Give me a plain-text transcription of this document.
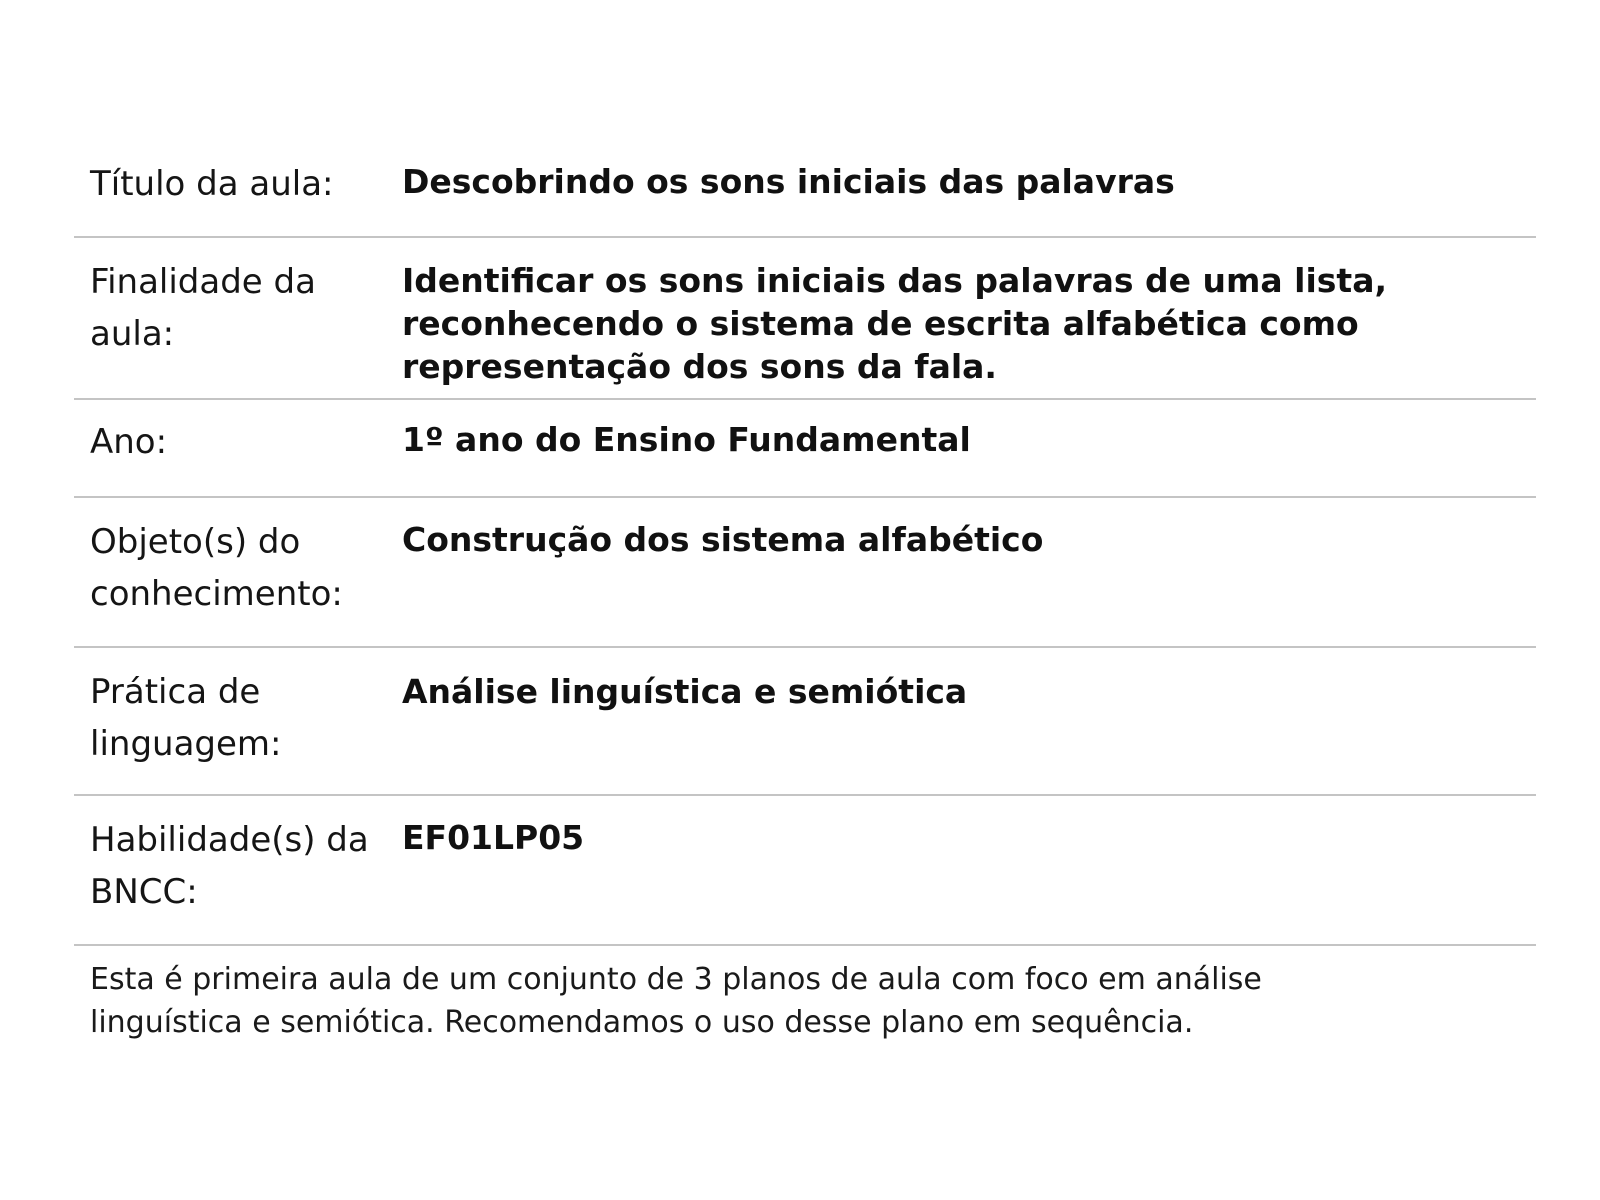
Título da aula:	Descobrindo os sons iniciais das palavras
Finalidade da aula:
Identificar os sons iniciais das palavras de uma lista, reconhecendo o sistema de escrita alfabética como representação dos sons da fala.
Ano:	1º ano do Ensino Fundamental
Objeto(s) do conhecimento:
Construção dos sistema alfabético
Prática de linguagem:
Análise linguística e semiótica
Habilidade(s) da BNCC:
EF01LP05
Esta é primeira aula de um conjunto de 3 planos de aula com foco em análise linguística e semiótica. Recomendamos o uso desse plano em sequência.
